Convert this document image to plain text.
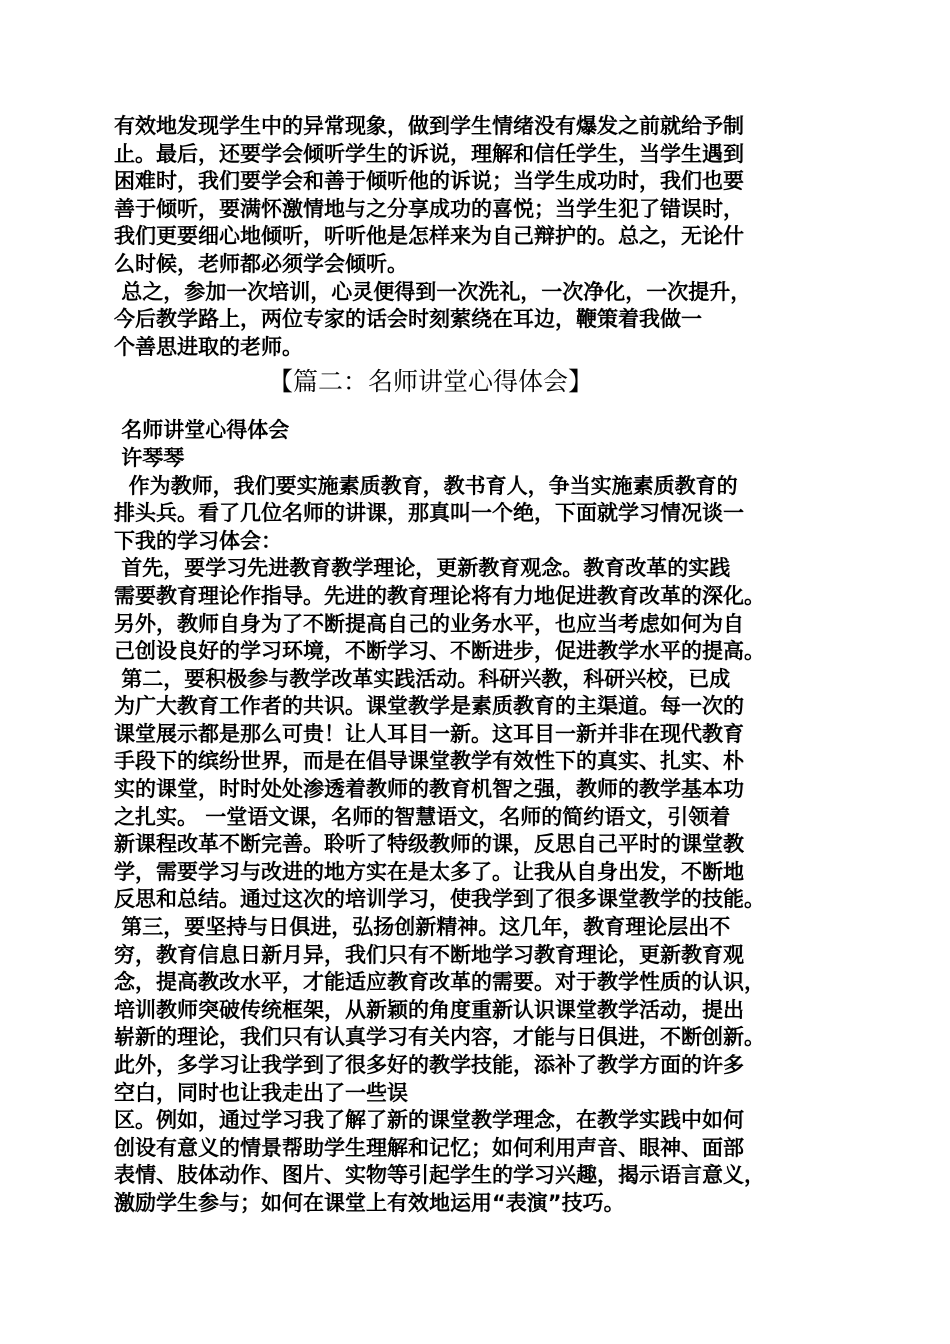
有效地发现学生中的异常现象，做到学生情绪没有爆发之前就给予制
止。最后，还要学会倾听学生的诉说，理解和信任学生，当学生遇到
困难时，我们要学会和善于倾听他的诉说；当学生成功时，我们也要
善于倾听，要满怀激情地与之分享成功的喜悦；当学生犯了错误时，
我们更要细心地倾听，听听他是怎样来为自己辩护的。总之，无论什
么时候，老师都必须学会倾听。
总之，参加一次培训，心灵便得到一次洗礼，一次净化，一次提升，
今后教学路上，两位专家的话会时刻萦绕在耳边，鞭策着我做一
个善思进取的老师。
【篇二：名师讲堂心得体会】
名师讲堂心得体会
许琴琴
作为教师，我们要实施素质教育，教书育人，争当实施素质教育的
排头兵。看了几位名师的讲课，那真叫一个绝，下面就学习情况谈一
下我的学习体会：
首先，要学习先进教育教学理论，更新教育观念。教育改革的实践
需要教育理论作指导。先进的教育理论将有力地促进教育改革的深化。
另外，教师自身为了不断提高自己的业务水平，也应当考虑如何为自
己创设良好的学习环境，不断学习、不断进步，促进教学水平的提高。
第二，要积极参与教学改革实践活动。科研兴教，科研兴校，已成
为广大教育工作者的共识。课堂教学是素质教育的主渠道。每一次的
课堂展示都是那么可贵！让人耳目一新。这耳目一新并非在现代教育
手段下的缤纷世界，而是在倡导课堂教学有效性下的真实、扎实、朴
实的课堂，时时处处渗透着教师的教育机智之强，教师的教学基本功
之扎实。 一堂语文课，名师的智慧语文，名师的简约语文，引领着
新课程改革不断完善。聆听了特级教师的课，反思自己平时的课堂教
学，需要学习与改进的地方实在是太多了。让我从自身出发，不断地
反思和总结。通过这次的培训学习，使我学到了很多课堂教学的技能。
第三，要坚持与日俱进，弘扬创新精神。这几年，教育理论层出不
穷，教育信息日新月异，我们只有不断地学习教育理论，更新教育观
念，提高教改水平，才能适应教育改革的需要。对于教学性质的认识，
培训教师突破传统框架，从新颖的角度重新认识课堂教学活动，提出
崭新的理论，我们只有认真学习有关内容，才能与日俱进，不断创新。
此外，多学习让我学到了很多好的教学技能，添补了教学方面的许多
空白，同时也让我走出了一些误
区。例如，通过学习我了解了新的课堂教学理念，在教学实践中如何
创设有意义的情景帮助学生理解和记忆；如何利用声音、眼神、面部
表情、肢体动作、图片、实物等引起学生的学习兴趣，揭示语言意义，
激励学生参与；如何在课堂上有效地运用“表演”技巧。
